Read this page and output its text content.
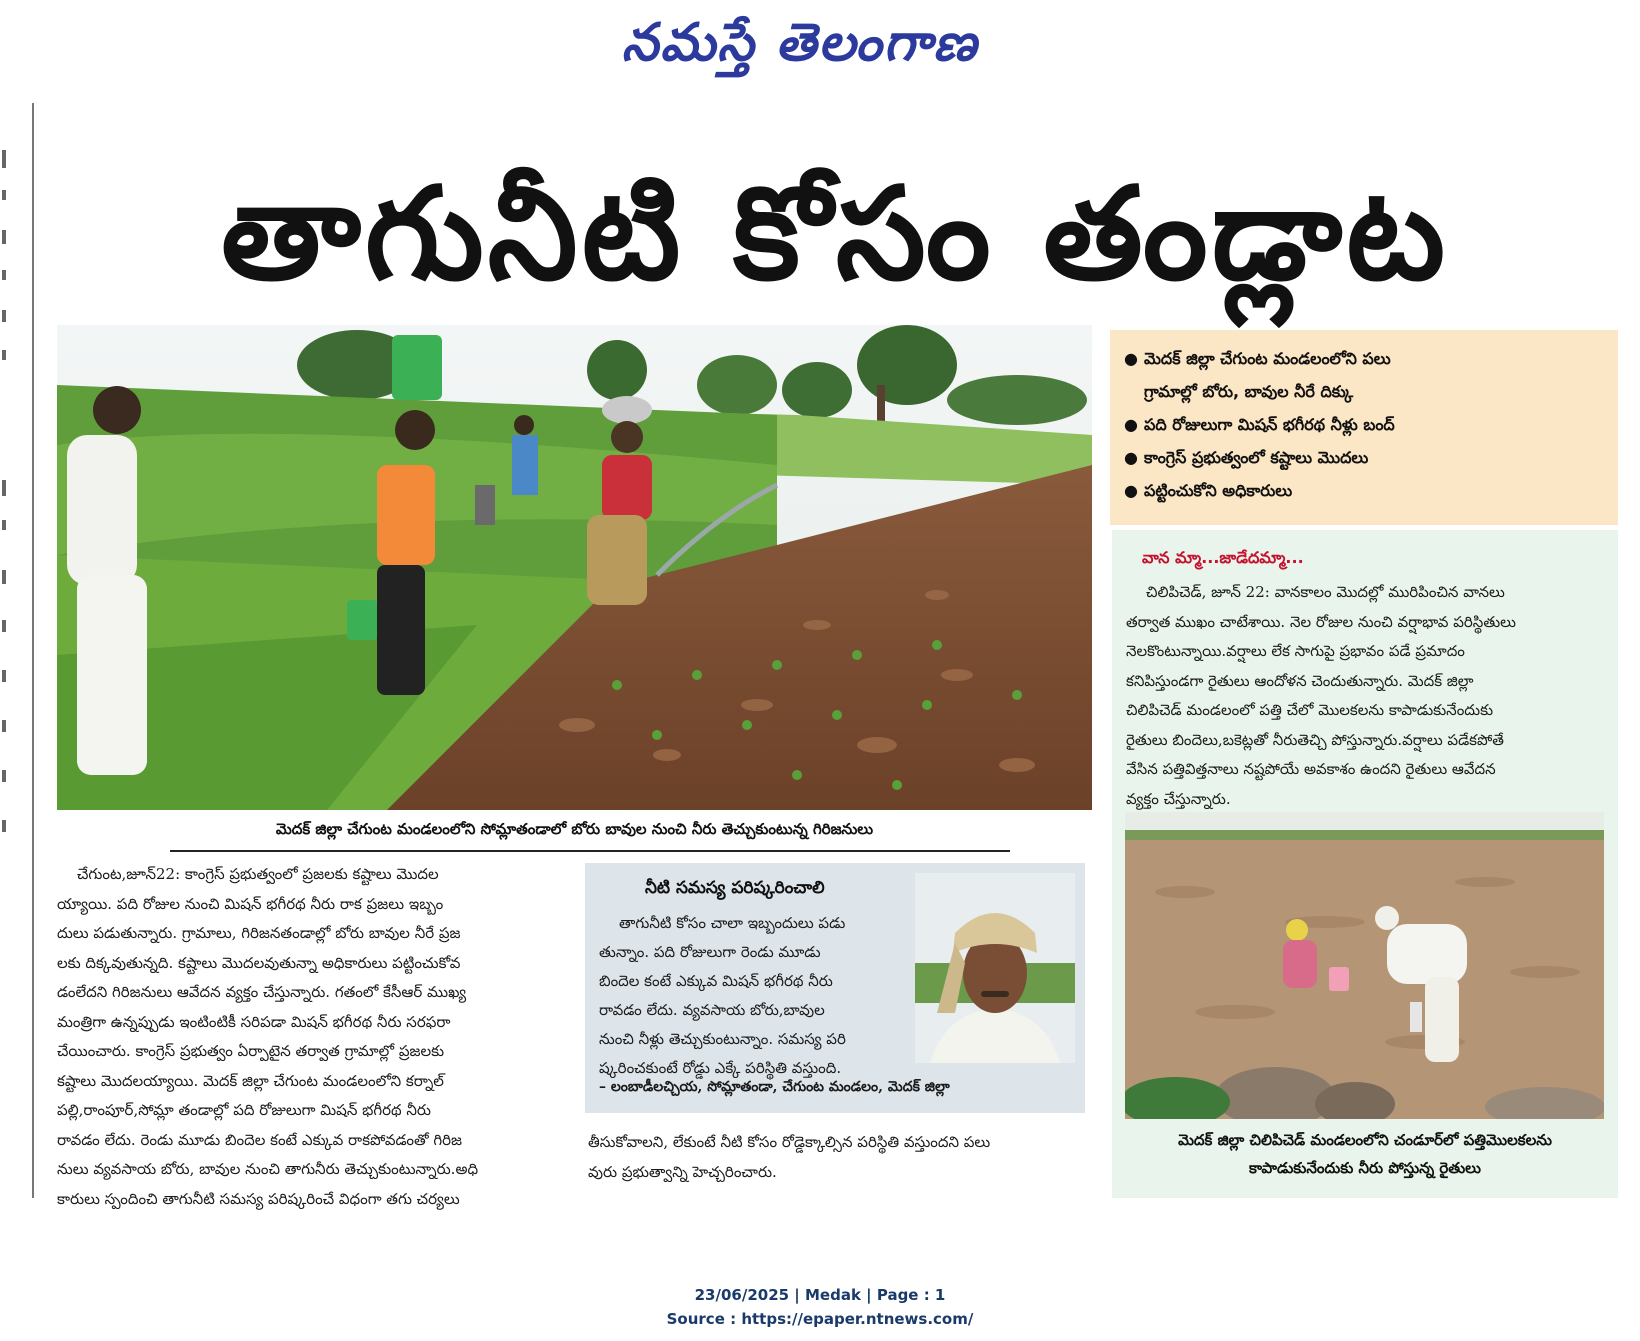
నమస్తే తెలంగాణ
తాగునీటి కోసం తండ్లాట
మెదక్ జిల్లా చేగుంట మండలంలోని సోమ్లాతండాలో బోరు బావుల నుంచి నీరు తెచ్చుకుంటున్న గిరిజనులు
● మెదక్ జిల్లా చేగుంట మండలంలోని పలు
గ్రామాల్లో బోరు, బావుల నీరే దిక్కు
● పది రోజులుగా మిషన్ భగీరథ నీళ్లు బంద్
● కాంగ్రెస్ ప్రభుత్వంలో కష్టాలు మొదలు
● పట్టించుకోని అధికారులు
వాన మ్మా...జాడేదమ్మా...

చిలిపిచెడ్, జూన్ 22: వానకాలం మొదల్లో మురిపించిన వానలు

తర్వాత ముఖం చాటేశాయి. నెల రోజుల నుంచి వర్షాభావ పరిస్థితులు

నెలకొంటున్నాయి.వర్షాలు లేక సాగుపై ప్రభావం పడే ప్రమాదం

కనిపిస్తుండగా రైతులు ఆందోళన చెందుతున్నారు. మెదక్ జిల్లా

చిలిపిచెడ్ మండలంలో పత్తి చేలో మొలకలను కాపాడుకునేందుకు

రైతులు బిందెలు,బకెట్లతో నీరుతెచ్చి పోస్తున్నారు.వర్షాలు పడేకపోతే

వేసిన పత్తివిత్తనాలు నష్టపోయే అవకాశం ఉందని రైతులు ఆవేదన

వ్యక్తం చేస్తున్నారు.

మెదక్ జిల్లా చిలిపిచెడ్ మండలంలోని చండూర్‌లో పత్తిమొలకలను
కాపాడుకునేందుకు నీరు పోస్తున్న రైతులు

చేగుంట,జూన్22: కాంగ్రెస్ ప్రభుత్వంలో ప్రజలకు కష్టాలు మొదల

య్యాయి. పది రోజుల నుంచి మిషన్ భగీరథ నీరు రాక ప్రజలు ఇబ్బం

దులు పడుతున్నారు. గ్రామాలు, గిరిజనతండాల్లో బోరు బావుల నీరే ప్రజ

లకు దిక్కవుతున్నది. కష్టాలు మొదలవుతున్నా అధికారులు పట్టించుకోవ

డంలేదని గిరిజనులు ఆవేదన వ్యక్తం చేస్తున్నారు. గతంలో కేసీఆర్ ముఖ్య

మంత్రిగా ఉన్నప్పుడు ఇంటింటికీ సరిపడా మిషన్ భగీరథ నీరు సరఫరా

చేయించారు. కాంగ్రెస్ ప్రభుత్వం ఏర్పాటైన తర్వాత గ్రామాల్లో ప్రజలకు

కష్టాలు మొదలయ్యాయి. మెదక్ జిల్లా చేగుంట మండలంలోని కర్నాల్

పల్లి,రాంపూర్,సోమ్లా తండాల్లో పది రోజులుగా మిషన్ భగీరథ నీరు

రావడం లేదు. రెండు మూడు బిందెల కంటే ఎక్కువ రాకపోవడంతో గిరిజ

నులు వ్యవసాయ బోరు, బావుల నుంచి తాగునీరు తెచ్చుకుంటున్నారు.అధి

కారులు స్పందించి తాగునీటి సమస్య పరిష్కరించే విధంగా తగు చర్యలు

నీటి సమస్య పరిష్కరించాలి

తాగునీటి కోసం చాలా ఇబ్బందులు పడు

తున్నాం. పది రోజులుగా రెండు మూడు

బిందెల కంటే ఎక్కువ మిషన్ భగీరథ నీరు

రావడం లేదు. వ్యవసాయ బోరు,బావుల

నుంచి నీళ్లు తెచ్చుకుంటున్నాం. సమస్య పరి

ష్కరించకుంటే రోడ్డు ఎక్కే పరిస్థితి వస్తుంది.

– లంబాడీలచ్చియ, సోమ్లాతండా, చేగుంట మండలం, మెదక్ జిల్లా

తీసుకోవాలని, లేకుంటే నీటి కోసం రోడ్డెక్కాల్సిన పరిస్థితి వస్తుందని పలు

వురు ప్రభుత్వాన్ని హెచ్చరించారు.

23/06/2025 | Medak | Page : 1
Source : https://epaper.ntnews.com/
